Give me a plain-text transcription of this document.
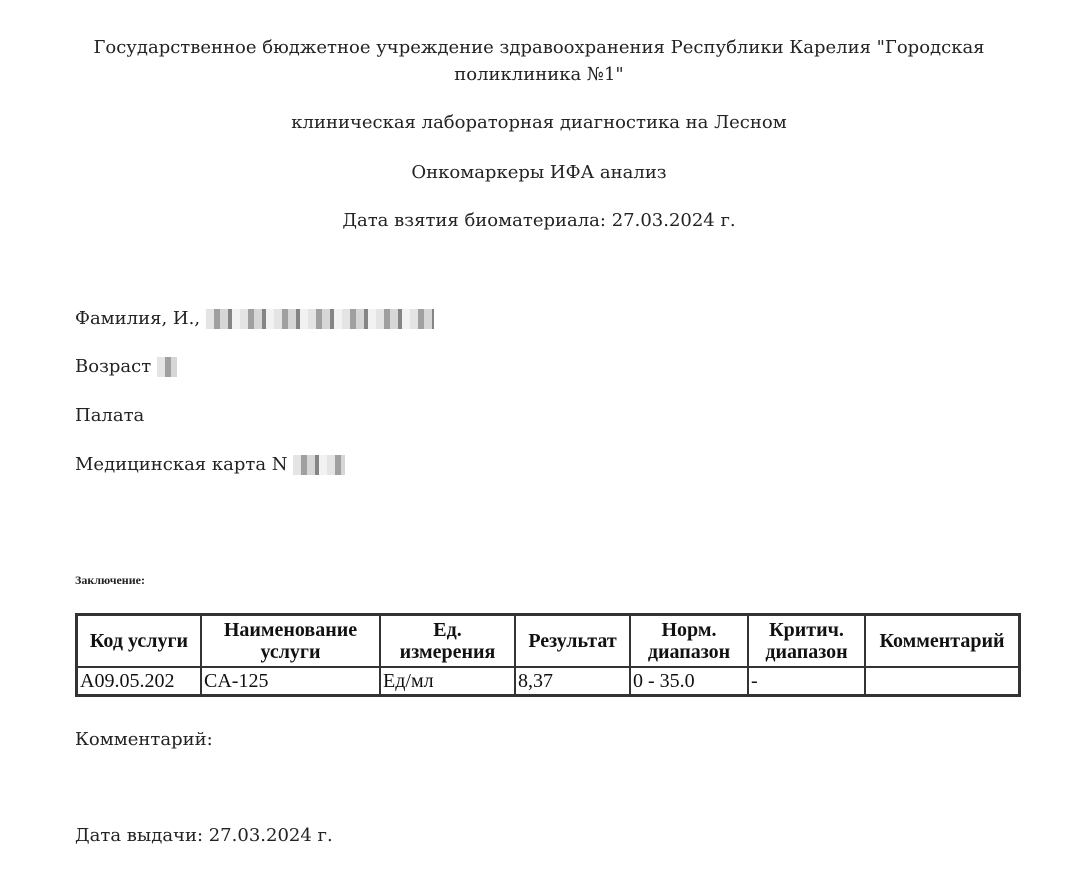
Государственное бюджетное учреждение здравоохранения Республики Карелия "Городская поликлиника №1"
клиническая лабораторная диагностика на Лесном
Онкомаркеры ИФА анализ
Дата взятия биоматериала: 27.03.2024 г.
Фамилия, И.,
Возраст
Палата
Медицинская карта N
Заключение:
Код услуги	Наименование услуги	Ед. измерения	Результат	Норм. диапазон	Критич. диапазон	Комментарий
A09.05.202	CA-125	Ед/мл	8,37	0 - 35.0	-	
Комментарий:
Дата выдачи: 27.03.2024 г.
